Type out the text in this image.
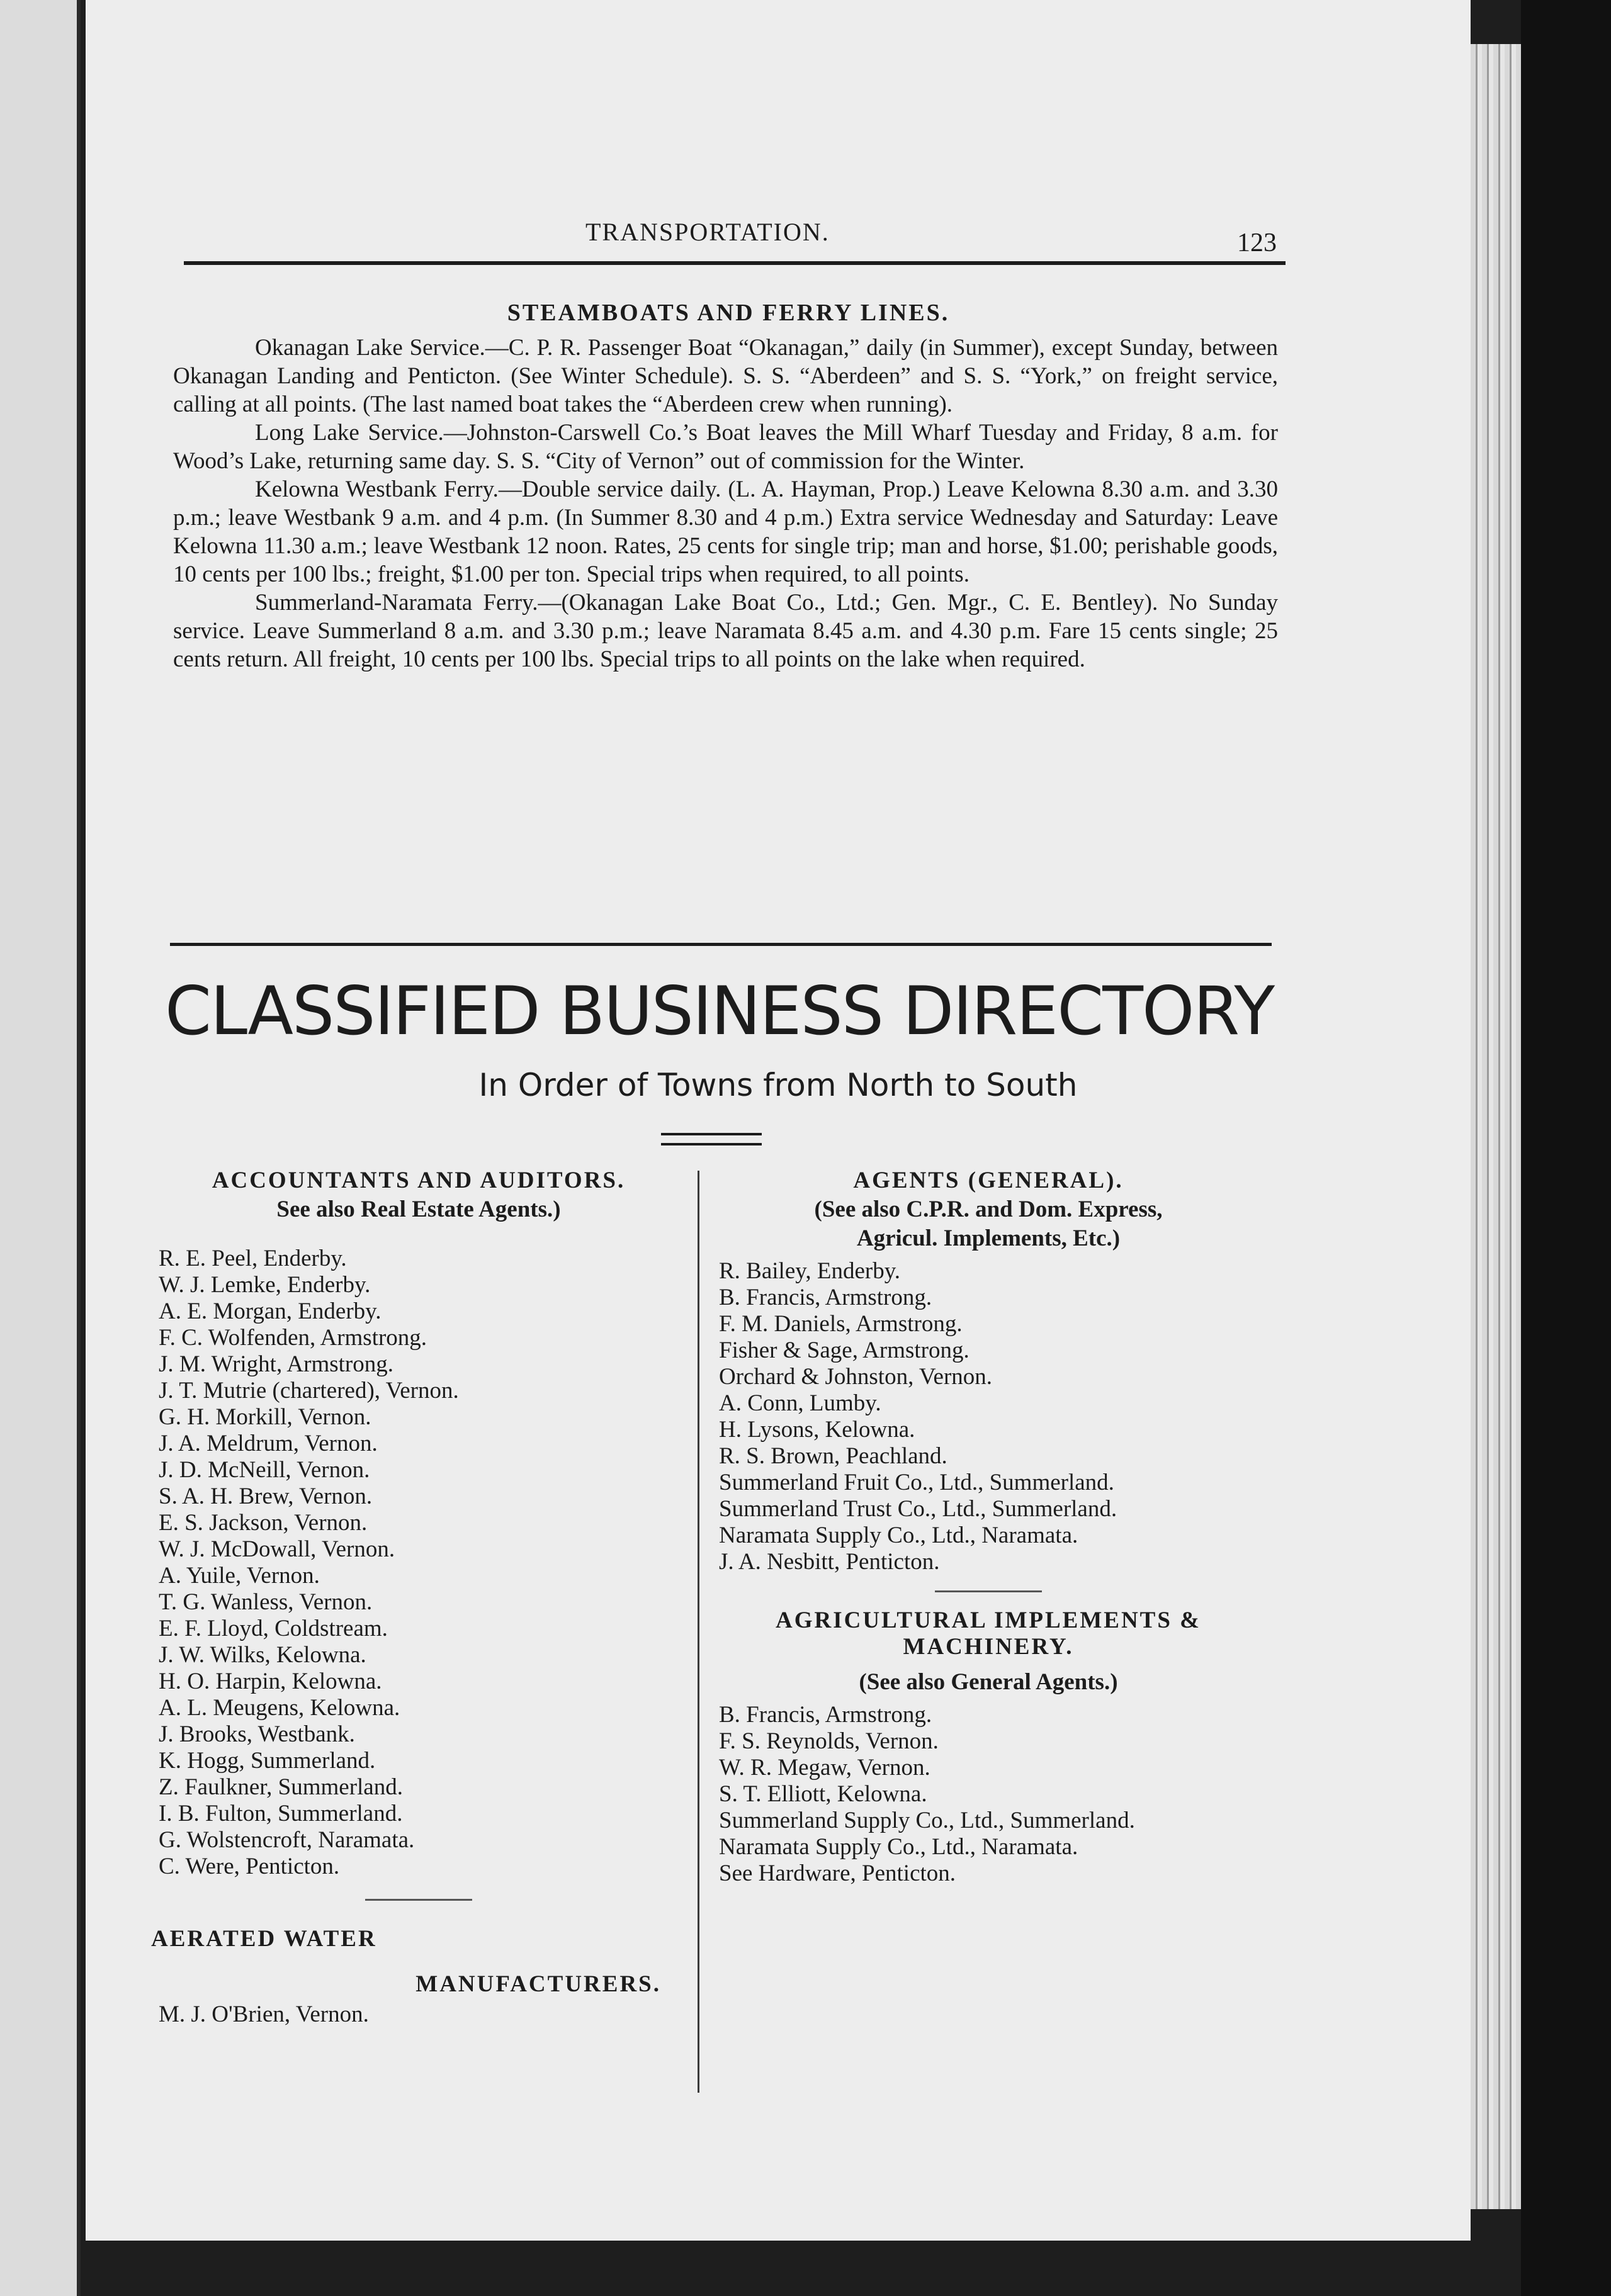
TRANSPORTATION.	123
STEAMBOATS AND FERRY LINES.

Okanagan Lake Service.—C. P. R. Passenger Boat “Okanagan,” daily (in Summer), except Sunday, between Okanagan Landing and Penticton. (See Winter Schedule). S. S. “Aberdeen” and S. S. “York,” on freight service, calling at all points. (The last named boat takes the “Aberdeen crew when running).

Long Lake Service.—Johnston-Carswell Co.’s Boat leaves the Mill Wharf Tuesday and Friday, 8 a.m. for Wood’s Lake, returning same day. S. S. “City of Vernon” out of commission for the Winter.

Kelowna Westbank Ferry.—Double service daily. (L. A. Hayman, Prop.) Leave Kelowna 8.30 a.m. and 3.30 p.m.; leave Westbank 9 a.m. and 4 p.m. (In Summer 8.30 and 4 p.m.) Extra service Wednesday and Saturday: Leave Kelowna 11.30 a.m.; leave Westbank 12 noon. Rates, 25 cents for single trip; man and horse, $1.00; perishable goods, 10 cents per 100 lbs.; freight, $1.00 per ton. Special trips when required, to all points.

Summerland-Naramata Ferry.—(Okanagan Lake Boat Co., Ltd.; Gen. Mgr., C. E. Bentley). No Sunday service. Leave Summerland 8 a.m. and 3.30 p.m.; leave Naramata 8.45 a.m. and 4.30 p.m. Fare 15 cents single; 25 cents return. All freight, 10 cents per 100 lbs. Special trips to all points on the lake when required.

CLASSIFIED BUSINESS DIRECTORY
In Order of Towns from North to South

ACCOUNTANTS AND AUDITORS.

See also Real Estate Agents.)

R. E. Peel, Enderby.

W. J. Lemke, Enderby.

A. E. Morgan, Enderby.

F. C. Wolfenden, Armstrong.

J. M. Wright, Armstrong.

J. T. Mutrie (chartered), Vernon.

G. H. Morkill, Vernon.

J. A. Meldrum, Vernon.

J. D. McNeill, Vernon.

S. A. H. Brew, Vernon.

E. S. Jackson, Vernon.

W. J. McDowall, Vernon.

A. Yuile, Vernon.

T. G. Wanless, Vernon.

E. F. Lloyd, Coldstream.

J. W. Wilks, Kelowna.

H. O. Harpin, Kelowna.

A. L. Meugens, Kelowna.

J. Brooks, Westbank.

K. Hogg, Summerland.

Z. Faulkner, Summerland.

I. B. Fulton, Summerland.

G. Wolstencroft, Naramata.

C. Were, Penticton.

AERATED WATER

MANUFACTURERS.

M. J. O'Brien, Vernon.

AGENTS (GENERAL).

(See also C.P.R. and Dom. Express,

Agricul. Implements, Etc.)

R. Bailey, Enderby.

B. Francis, Armstrong.

F. M. Daniels, Armstrong.

Fisher & Sage, Armstrong.

Orchard & Johnston, Vernon.

A. Conn, Lumby.

H. Lysons, Kelowna.

R. S. Brown, Peachland.

Summerland Fruit Co., Ltd., Summerland.

Summerland Trust Co., Ltd., Summerland.

Naramata Supply Co., Ltd., Naramata.

J. A. Nesbitt, Penticton.

AGRICULTURAL IMPLEMENTS &

MACHINERY.

(See also General Agents.)

B. Francis, Armstrong.

F. S. Reynolds, Vernon.

W. R. Megaw, Vernon.

S. T. Elliott, Kelowna.

Summerland Supply Co., Ltd., Summerland.

Naramata Supply Co., Ltd., Naramata.

See Hardware, Penticton.
